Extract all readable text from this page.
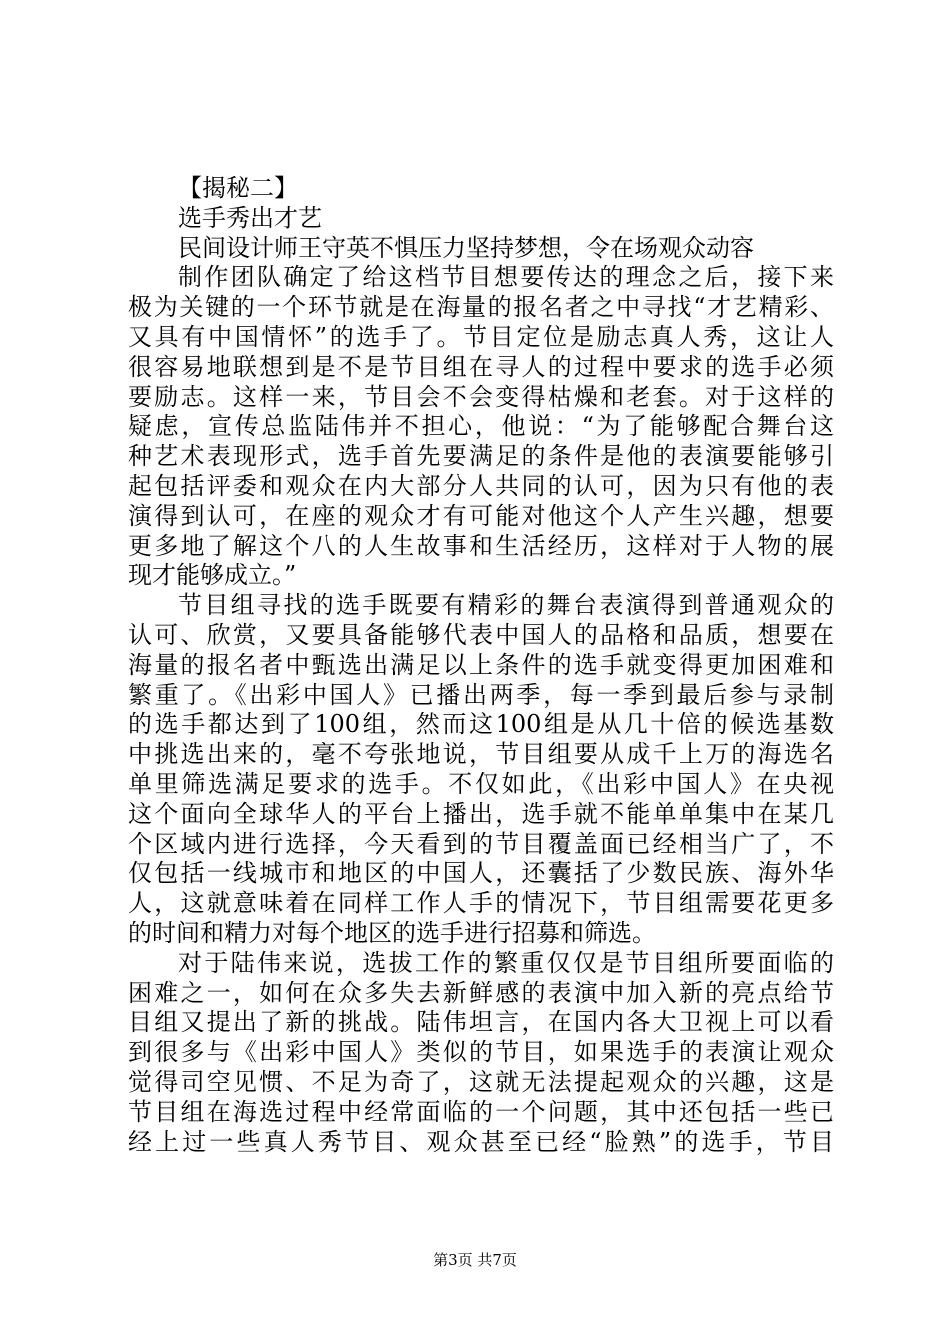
【揭秘二】
选手秀出才艺
民间设计师王守英不惧压力坚持梦想，令在场观众动容
制作团队确定了给这档节目想要传达的理念之后，接下来
极为关键的一个环节就是在海量的报名者之中寻找“才艺精彩、
又具有中国情怀”的选手了。节目定位是励志真人秀，这让人
很容易地联想到是不是节目组在寻人的过程中要求的选手必须
要励志。这样一来，节目会不会变得枯燥和老套。对于这样的
疑虑，宣传总监陆伟并不担心，他说：“为了能够配合舞台这
种艺术表现形式，选手首先要满足的条件是他的表演要能够引
起包括评委和观众在内大部分人共同的认可，因为只有他的表
演得到认可，在座的观众才有可能对他这个人产生兴趣，想要
更多地了解这个八的人生故事和生活经历，这样对于人物的展
现才能够成立。”
节目组寻找的选手既要有精彩的舞台表演得到普通观众的
认可、欣赏，又要具备能够代表中国人的品格和品质，想要在
海量的报名者中甄选出满足以上条件的选手就变得更加困难和
繁重了。《出彩中国人》已播出两季，每一季到最后参与录制
的选手都达到了100组，然而这100组是从几十倍的候选基数
中挑选出来的，毫不夸张地说，节目组要从成千上万的海选名
单里筛选满足要求的选手。不仅如此，《出彩中国人》在央视
这个面向全球华人的平台上播出，选手就不能单单集中在某几
个区域内进行选择，今天看到的节目覆盖面已经相当广了，不
仅包括一线城市和地区的中国人，还囊括了少数民族、海外华
人，这就意味着在同样工作人手的情况下，节目组需要花更多
的时间和精力对每个地区的选手进行招募和筛选。
对于陆伟来说，选拔工作的繁重仅仅是节目组所要面临的
困难之一，如何在众多失去新鲜感的表演中加入新的亮点给节
目组又提出了新的挑战。陆伟坦言，在国内各大卫视上可以看
到很多与《出彩中国人》类似的节目，如果选手的表演让观众
觉得司空见惯、不足为奇了，这就无法提起观众的兴趣，这是
节目组在海选过程中经常面临的一个问题，其中还包括一些已
经上过一些真人秀节目、观众甚至已经“脸熟”的选手，节目
第3页 共7页
